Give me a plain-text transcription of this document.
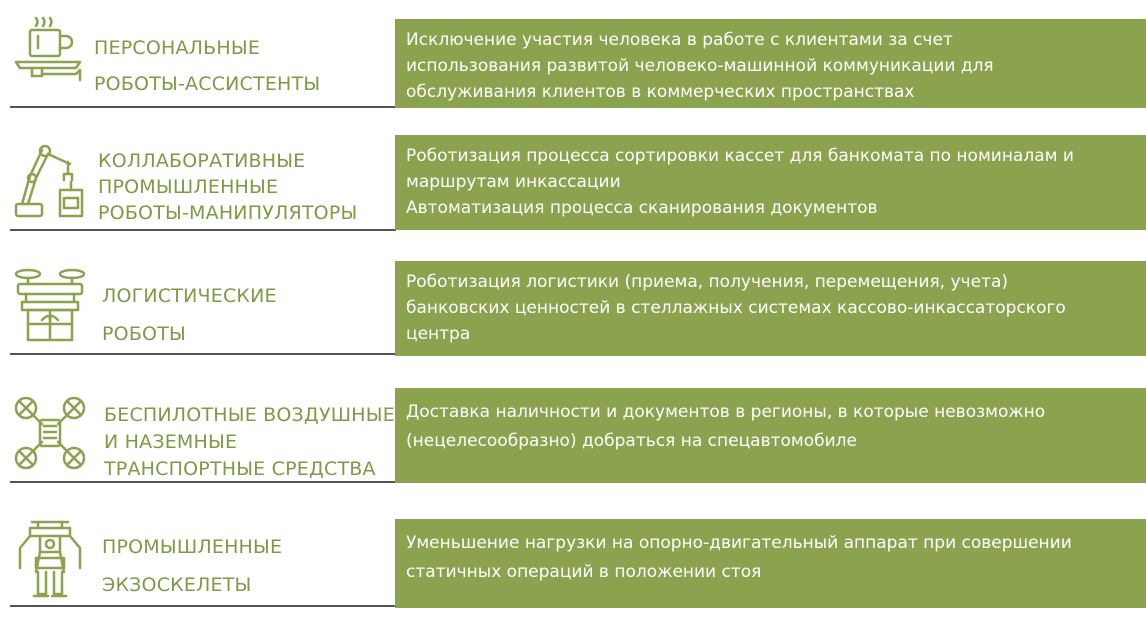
ПЕРСОНАЛЬНЫЕ
РОБОТЫ-АССИСТЕНТЫ
Исключение участия человека в работе с клиентами за счет
использования развитой человеко-машинной коммуникации для
обслуживания клиентов в коммерческих пространствах
КОЛЛАБОРАТИВНЫЕ
ПРОМЫШЛЕННЫЕ
РОБОТЫ-МАНИПУЛЯТОРЫ
Роботизация процесса сортировки кассет для банкомата по номиналам и
маршрутам инкассации
Автоматизация процесса сканирования документов
ЛОГИСТИЧЕСКИЕ
РОБОТЫ
Роботизация логистики (приема, получения, перемещения, учета)
банковских ценностей в стеллажных системах кассово-инкассаторского
центра
БЕСПИЛОТНЫЕ ВОЗДУШНЫЕ
И НАЗЕМНЫЕ
ТРАНСПОРТНЫЕ СРЕДСТВА
Доставка наличности и документов в регионы, в которые невозможно
(нецелесообразно) добраться на спецавтомобиле
ПРОМЫШЛЕННЫЕ
ЭКЗОСКЕЛЕТЫ
Уменьшение нагрузки на опорно-двигательный аппарат при совершении
статичных операций в положении стоя
